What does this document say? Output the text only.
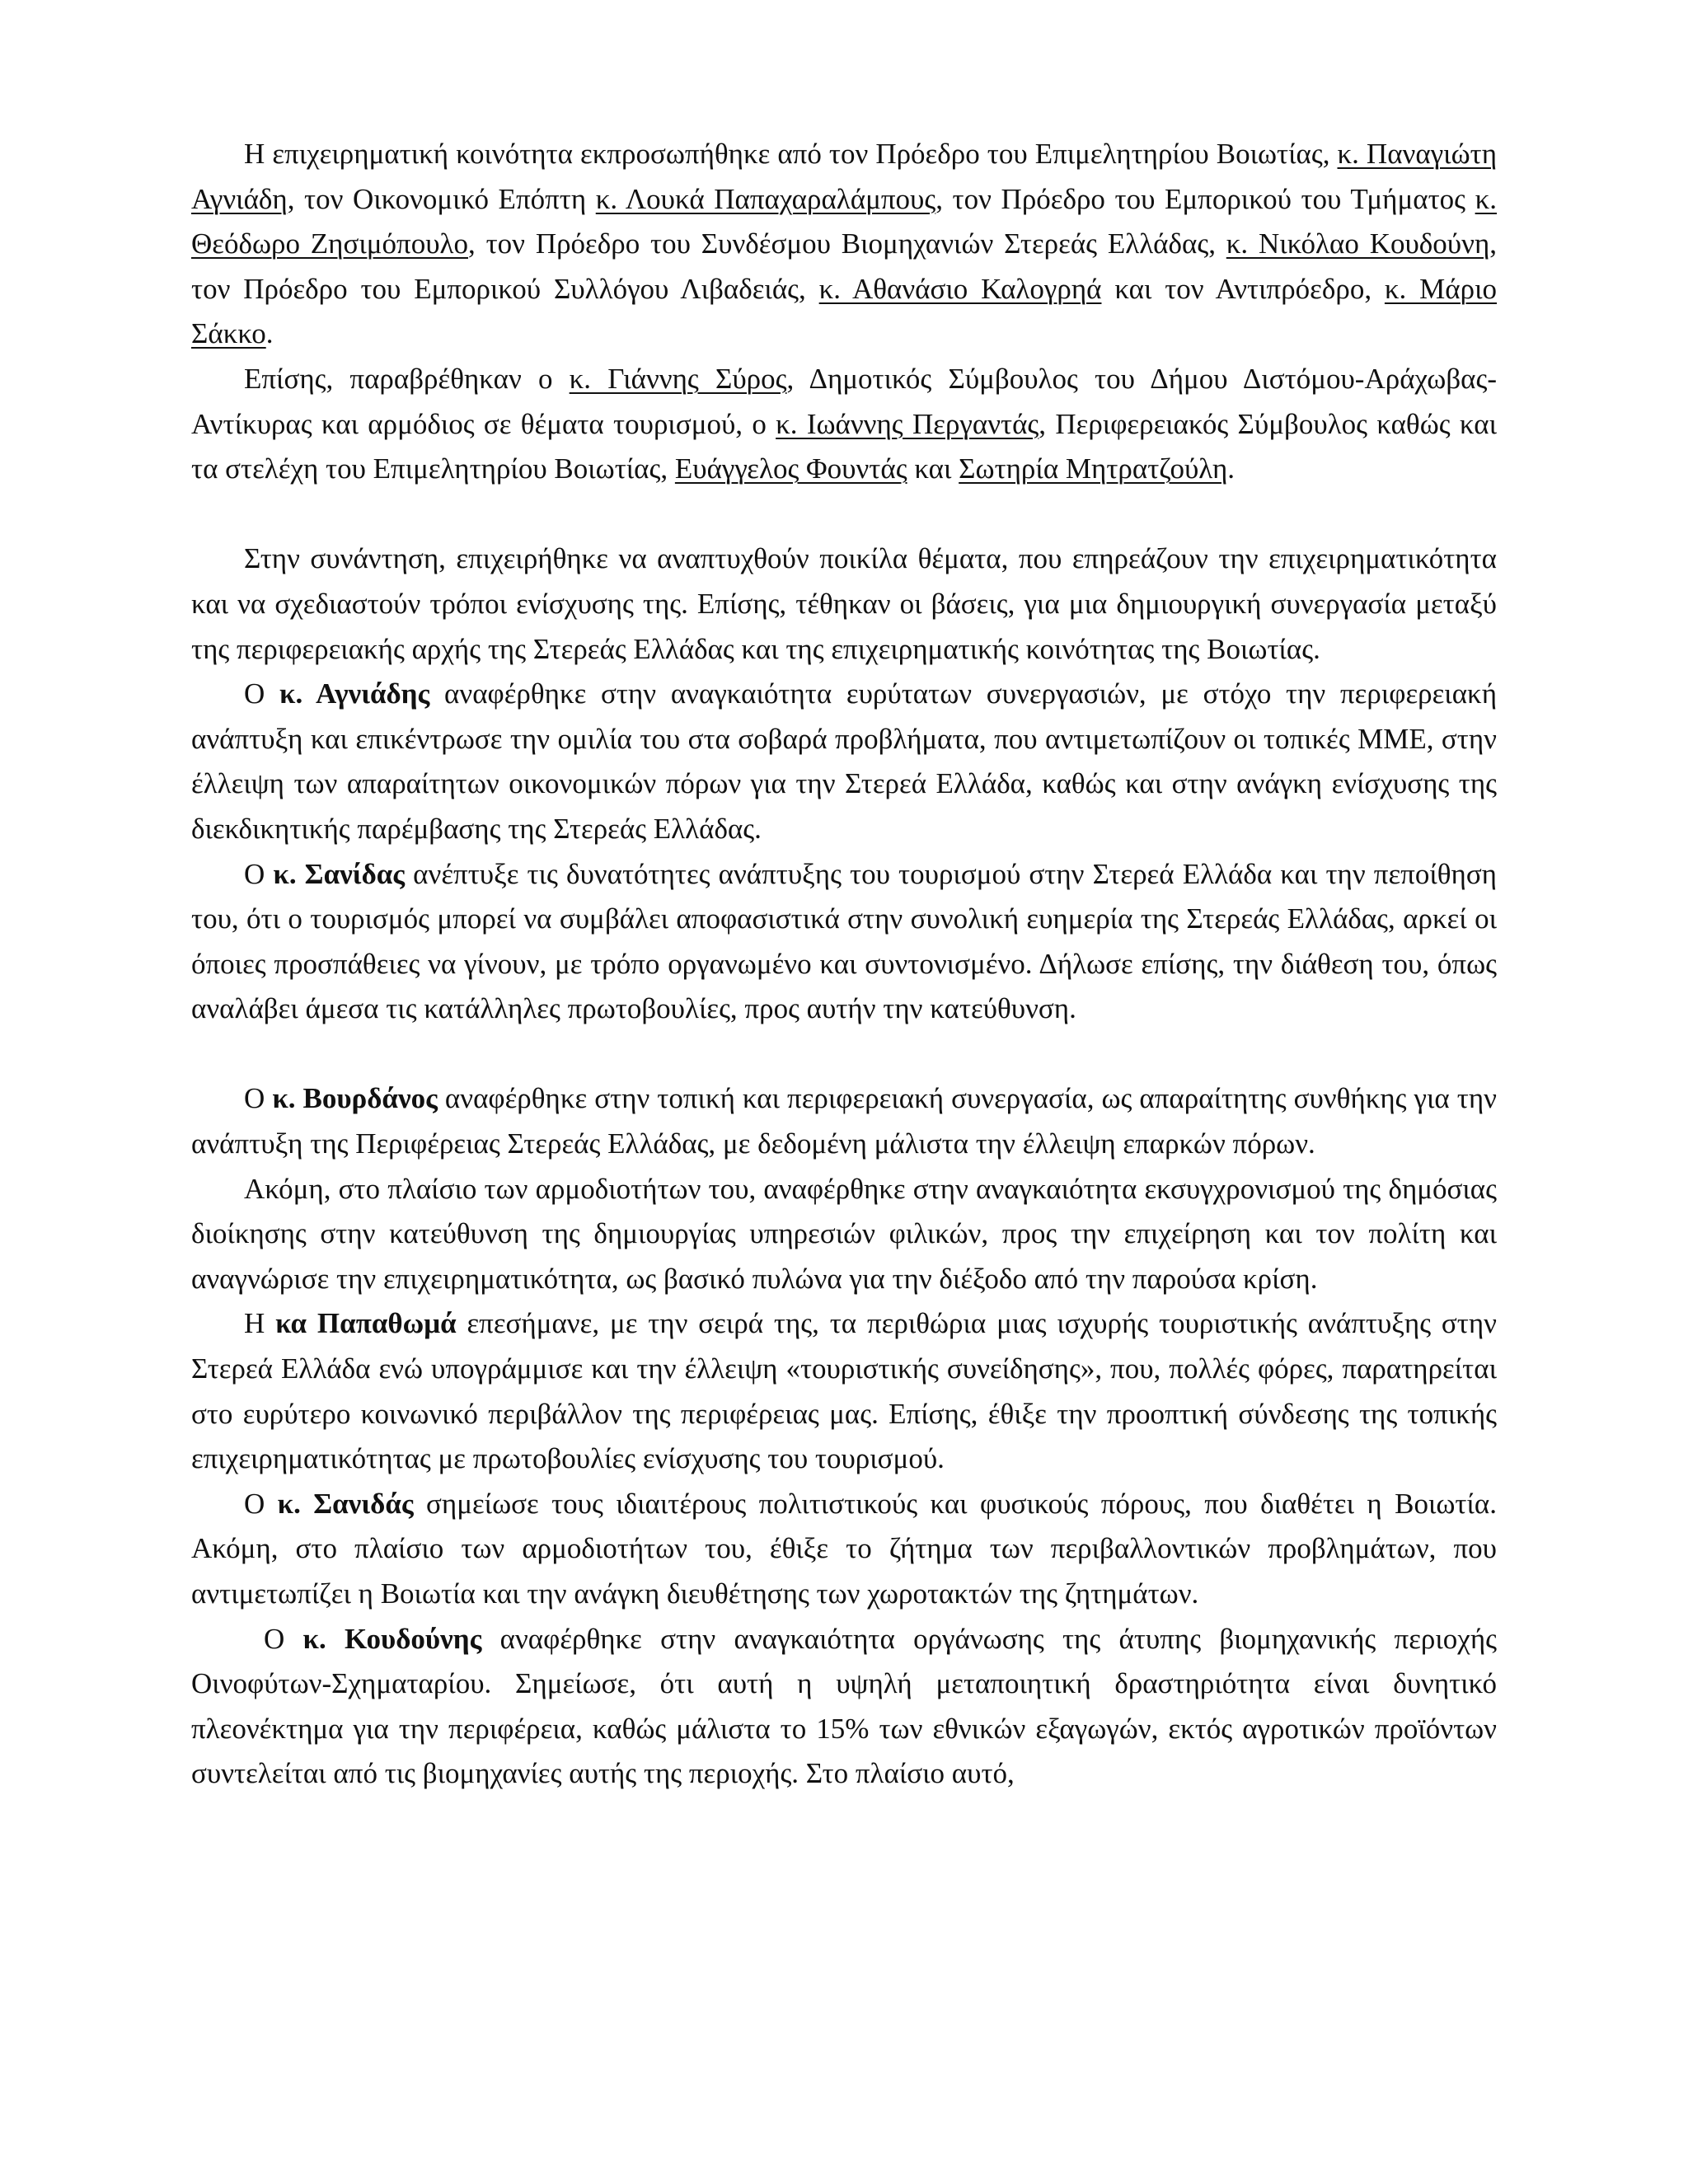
Η επιχειρηματική κοινότητα εκπροσωπήθηκε από τον Πρόεδρο του Επιμελητηρίου Βοιωτίας, κ. Παναγιώτη Αγνιάδη, τον Οικονομικό Επόπτη κ. Λουκά Παπαχαραλάμπους, τον Πρόεδρο του Εμπορικού του Τμήματος κ. Θεόδωρο Ζησιμόπουλο, τον Πρόεδρο του Συνδέσμου Βιομηχανιών Στερεάς Ελλάδας, κ. Νικόλαο Κουδούνη, τον Πρόεδρο του Εμπορικού Συλλόγου Λιβαδειάς, κ. Αθανάσιο Καλογρηά και τον Αντιπρόεδρο, κ. Μάριο Σάκκο.

Επίσης, παραβρέθηκαν ο κ. Γιάννης Σύρος, Δημοτικός Σύμβουλος του Δήμου Διστόμου-Αράχωβας-Αντίκυρας και αρμόδιος σε θέματα τουρισμού, ο κ. Ιωάννης Περγαντάς, Περιφερειακός Σύμβουλος καθώς και τα στελέχη του Επιμελητηρίου Βοιωτίας, Ευάγγελος Φουντάς και Σωτηρία Μητρατζούλη.

Στην συνάντηση, επιχειρήθηκε να αναπτυχθούν ποικίλα θέματα, που επηρεάζουν την επιχειρηματικότητα και να σχεδιαστούν τρόποι ενίσχυσης της. Επίσης, τέθηκαν οι βάσεις, για μια δημιουργική συνεργασία μεταξύ της περιφερειακής αρχής της Στερεάς Ελλάδας και της επιχειρηματικής κοινότητας της Βοιωτίας.

Ο κ. Αγνιάδης αναφέρθηκε στην αναγκαιότητα ευρύτατων συνεργασιών, με στόχο την περιφερειακή ανάπτυξη και επικέντρωσε την ομιλία του στα σοβαρά προβλήματα, που αντιμετωπίζουν οι τοπικές ΜΜΕ, στην έλλειψη των απαραίτητων οικονομικών πόρων για την Στερεά Ελλάδα, καθώς και στην ανάγκη ενίσχυσης της διεκδικητικής παρέμβασης της Στερεάς Ελλάδας.

Ο κ. Σανίδας ανέπτυξε τις δυνατότητες ανάπτυξης του τουρισμού στην Στερεά Ελλάδα και την πεποίθηση του, ότι ο τουρισμός μπορεί να συμβάλει αποφασιστικά στην συνολική ευημερία της Στερεάς Ελλάδας, αρκεί οι όποιες προσπάθειες να γίνουν, με τρόπο οργανωμένο και συντονισμένο. Δήλωσε επίσης, την διάθεση του, όπως αναλάβει άμεσα τις κατάλληλες πρωτοβουλίες, προς αυτήν την κατεύθυνση.

Ο κ. Βουρδάνος αναφέρθηκε στην τοπική και περιφερειακή συνεργασία, ως απαραίτητης συνθήκης για την ανάπτυξη της Περιφέρειας Στερεάς Ελλάδας, με δεδομένη μάλιστα την έλλειψη επαρκών πόρων.

Ακόμη, στο πλαίσιο των αρμοδιοτήτων του, αναφέρθηκε στην αναγκαιότητα εκσυγχρονισμού της δημόσιας διοίκησης στην κατεύθυνση της δημιουργίας υπηρεσιών φιλικών, προς την επιχείρηση και τον πολίτη και αναγνώρισε την επιχειρηματικότητα, ως βασικό πυλώνα για την διέξοδο από την παρούσα κρίση.

Η κα Παπαθωμά επεσήμανε, με την σειρά της, τα περιθώρια μιας ισχυρής τουριστικής ανάπτυξης στην Στερεά Ελλάδα ενώ υπογράμμισε και την έλλειψη «τουριστικής συνείδησης», που, πολλές φόρες, παρατηρείται στο ευρύτερο κοινωνικό περιβάλλον της περιφέρειας μας. Επίσης, έθιξε την προοπτική σύνδεσης της τοπικής επιχειρηματικότητας με πρωτοβουλίες ενίσχυσης του τουρισμού.

Ο κ. Σανιδάς σημείωσε τους ιδιαιτέρους πολιτιστικούς και φυσικούς πόρους, που διαθέτει η Βοιωτία. Ακόμη, στο πλαίσιο των αρμοδιοτήτων του, έθιξε το ζήτημα των περιβαλλοντικών προβλημάτων, που αντιμετωπίζει η Βοιωτία και την ανάγκη διευθέτησης των χωροτακτών της ζητημάτων.

Ο κ. Κουδούνης αναφέρθηκε στην αναγκαιότητα οργάνωσης της άτυπης βιομηχανικής περιοχής Οινοφύτων-Σχηματαρίου. Σημείωσε, ότι αυτή η υψηλή μεταποιητική δραστηριότητα είναι δυνητικό πλεονέκτημα για την περιφέρεια, καθώς μάλιστα το 15% των εθνικών εξαγωγών, εκτός αγροτικών προϊόντων συντελείται από τις βιομηχανίες αυτής της περιοχής. Στο πλαίσιο αυτό,
